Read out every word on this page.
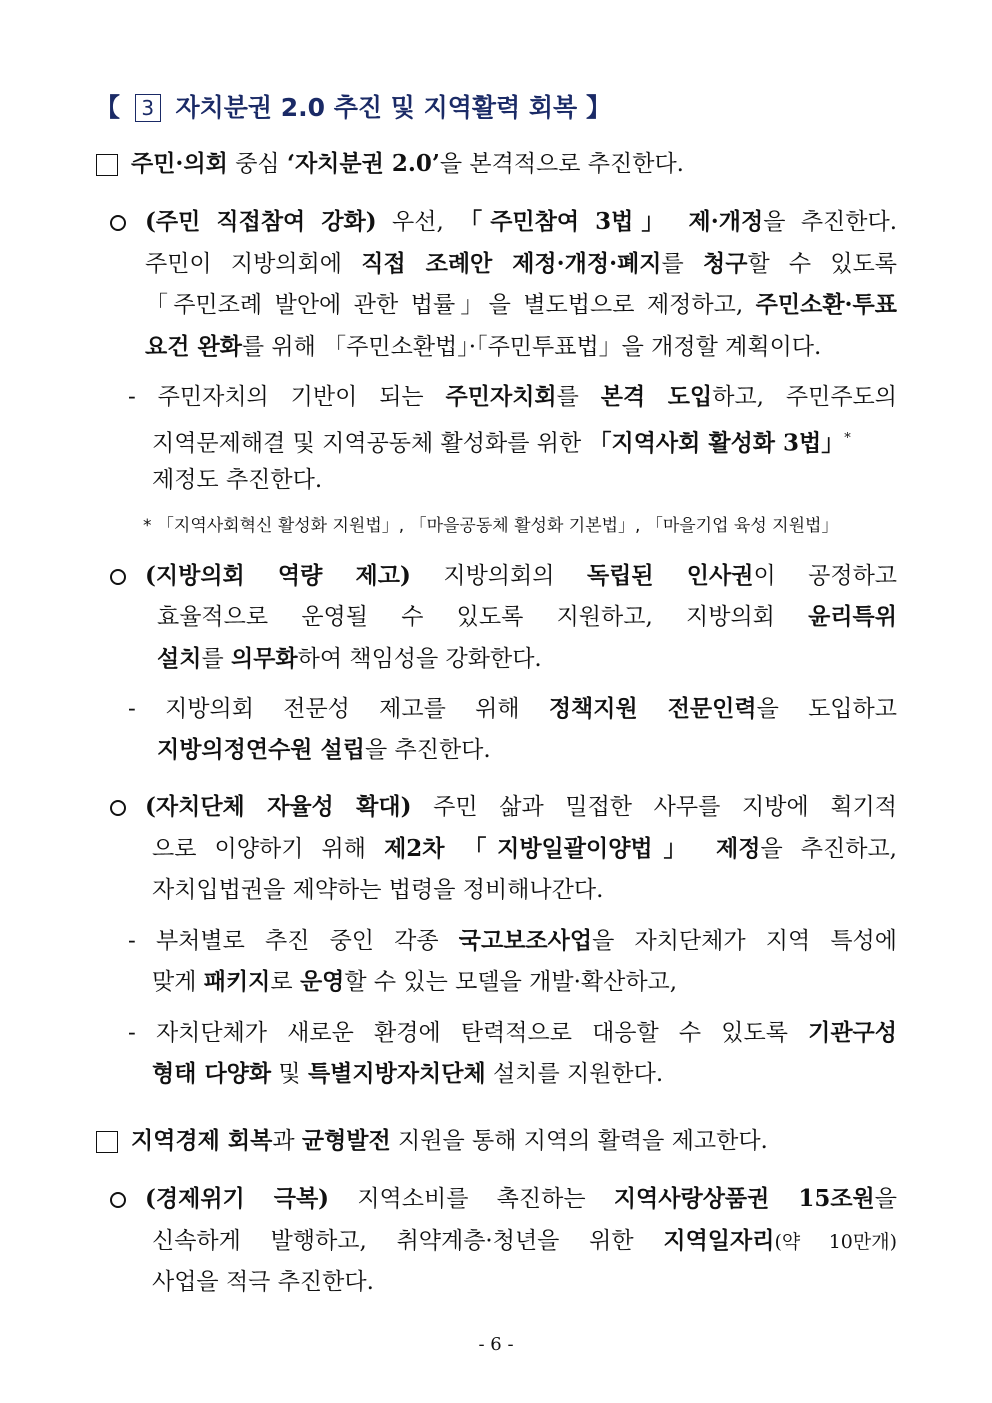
【 3 자치분권 2.0 추진 및 지역활력 회복 】
주민·의회 중심 ‘자치분권 2.0’을 본격적으로 추진한다.
(주민 직접참여 강화) 우선, 「주민참여 3법」 제·개정을 추진한다.
주민이 지방의회에 직접 조례안 제정·개정·폐지를 청구할 수 있도록
「주민조례 발안에 관한 법률」을 별도법으로 제정하고, 주민소환·투표
요건 완화를 위해 「주민소환법」·「주민투표법」을 개정할 계획이다.
- 주민자치의 기반이 되는 주민자치회를 본격 도입하고, 주민주도의
지역문제해결 및 지역공동체 활성화를 위한 「지역사회 활성화 3법」*
제정도 추진한다.
* 「지역사회혁신 활성화 지원법」, 「마을공동체 활성화 기본법」, 「마을기업 육성 지원법」
(지방의회 역량 제고) 지방의회의 독립된 인사권이 공정하고
효율적으로 운영될 수 있도록 지원하고, 지방의회 윤리특위
설치를 의무화하여 책임성을 강화한다.
- 지방의회 전문성 제고를 위해 정책지원 전문인력을 도입하고
지방의정연수원 설립을 추진한다.
(자치단체 자율성 확대) 주민 삶과 밀접한 사무를 지방에 획기적
으로 이양하기 위해 제2차 「지방일괄이양법」 제정을 추진하고,
자치입법권을 제약하는 법령을 정비해나간다.
- 부처별로 추진 중인 각종 국고보조사업을 자치단체가 지역 특성에
맞게 패키지로 운영할 수 있는 모델을 개발·확산하고,
- 자치단체가 새로운 환경에 탄력적으로 대응할 수 있도록 기관구성
형태 다양화 및 특별지방자치단체 설치를 지원한다.
지역경제 회복과 균형발전 지원을 통해 지역의 활력을 제고한다.
(경제위기 극복) 지역소비를 촉진하는 지역사랑상품권 15조원을
신속하게 발행하고, 취약계층·청년을 위한 지역일자리(약 10만개)
사업을 적극 추진한다.
- 6 -
